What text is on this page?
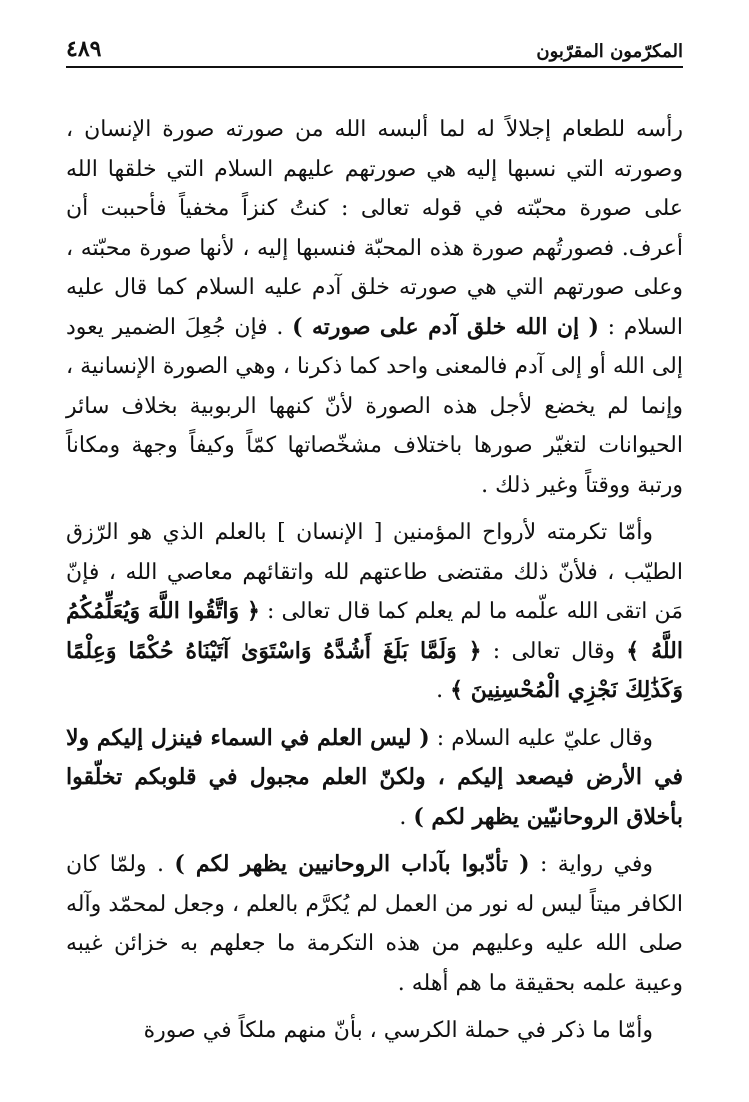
٤٨٩	المكرّمون المقرّبون

رأسه للطعام إجلالاً له لما ألبسه الله من صورته صورة الإنسان ، وصورته التي نسبها إليه هي صورتهم عليهم السلام التي خلقها الله على صورة محبّته في قوله تعالى : كنتُ كنزاً مخفياً فأحببت أن أعرف. فصورتُهم صورة هذه المحبّة فنسبها إليه ، لأنها صورة محبّته ، وعلى صورتهم التي هي صورته خلق آدم عليه السلام كما قال عليه السلام : ( إن الله خلق آدم على صورته ) . فإن جُعِلَ الضمير يعود إلى الله أو إلى آدم فالمعنى واحد كما ذكرنا ، وهي الصورة الإنسانية ، وإنما لم يخضع لأجل هذه الصورة لأنّ كنهها الربوبية بخلاف سائر الحيوانات لتغيّر صورها باختلاف مشخّصاتها كمّاً وكيفاً وجهة ومكاناً ورتبة ووقتاً وغير ذلك .

وأمّا تكرمته لأرواح المؤمنين [ الإنسان ] بالعلم الذي هو الرّزق الطيّب ، فلأنّ ذلك مقتضى طاعتهم لله واتقائهم معاصي الله ، فإنّ مَن اتقى الله علّمه ما لم يعلم كما قال تعالى : ﴿ وَاتَّقُوا اللَّهَ وَيُعَلِّمُكُمُ اللَّهُ ﴾ وقال تعالى : ﴿ وَلَمَّا بَلَغَ أَشُدَّهُ وَاسْتَوَىٰ آتَيْنَاهُ حُكْمًا وَعِلْمًا وَكَذَٰلِكَ نَجْزِي الْمُحْسِنِينَ ﴾ .

وقال عليّ عليه السلام : ( ليس العلم في السماء فينزل إليكم ولا في الأرض فيصعد إليكم ، ولكنّ العلم مجبول في قلوبكم تخلّقوا بأخلاق الروحانيّين يظهر لكم ) .

وفي رواية : ( تأدّبوا بآداب الروحانيين يظهر لكم ) . ولمّا كان الكافر ميتاً ليس له نور من العمل لم يُكرَّم بالعلم ، وجعل لمحمّد وآله صلى الله عليه وعليهم من هذه التكرمة ما جعلهم به خزائن غيبه وعيبة علمه بحقيقة ما هم أهله .

وأمّا ما ذكر في حملة الكرسي ، بأنّ منهم ملكاً في صورة
